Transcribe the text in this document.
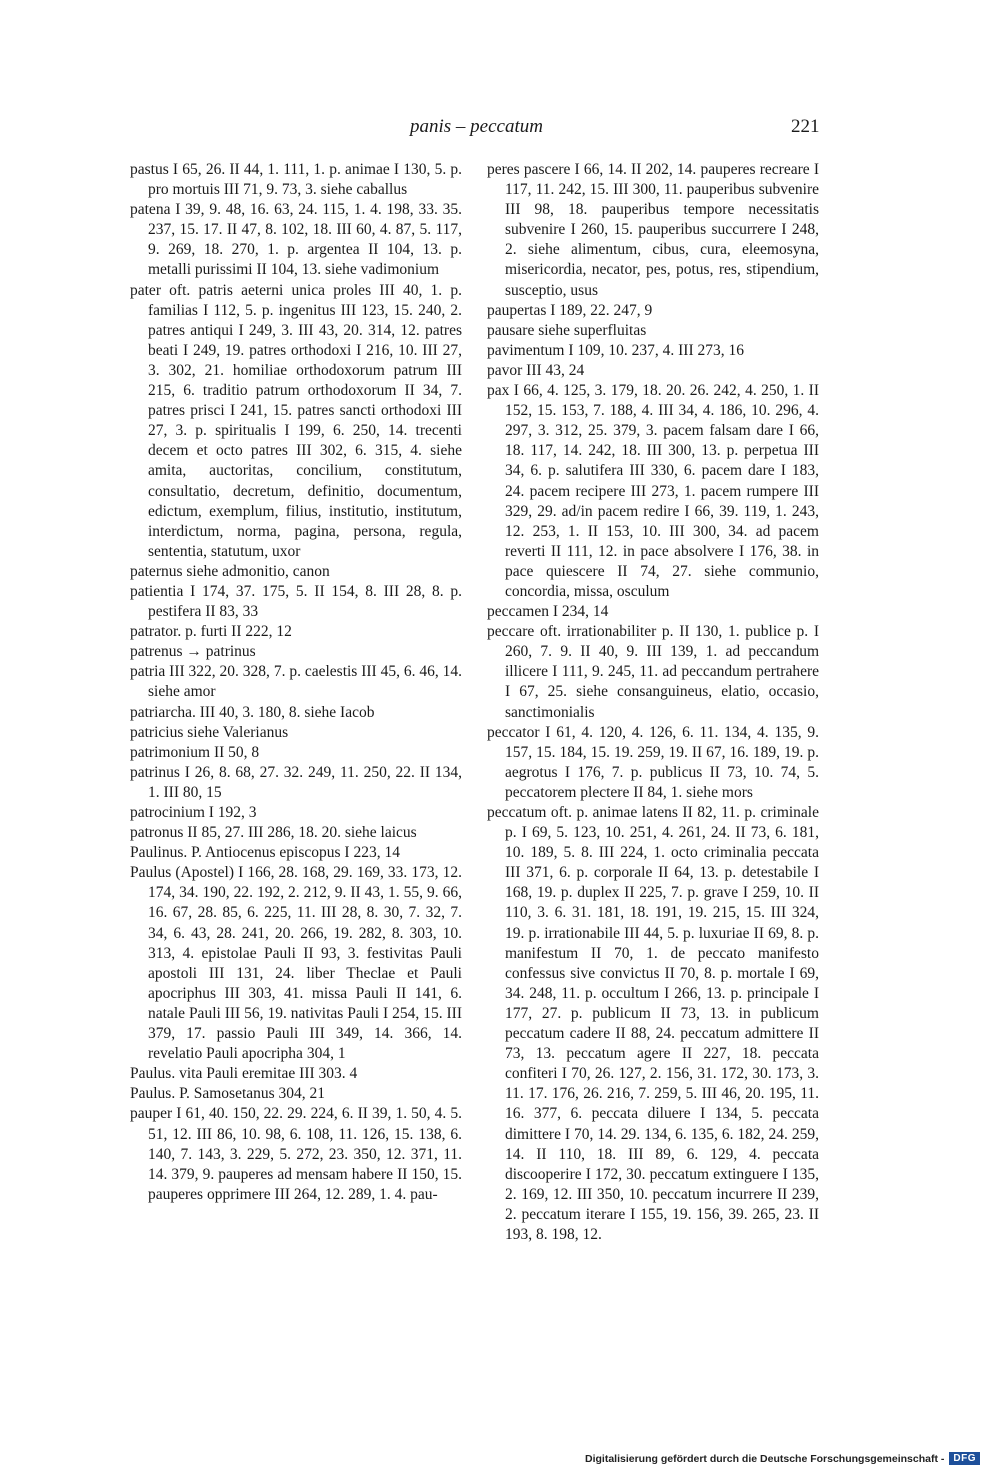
panis – peccatum	221

pastus I 65, 26. II 44, 1. 111, 1. p. animae I 130, 5. p. pro mortuis III 71, 9. 73, 3. siehe caballus

patena I 39, 9. 48, 16. 63, 24. 115, 1. 4. 198, 33. 35. 237, 15. 17. II 47, 8. 102, 18. III 60, 4. 87, 5. 117, 9. 269, 18. 270, 1. p. argentea II 104, 13. p. metalli purissimi II 104, 13. siehe vadimonium

pater oft. patris aeterni unica proles III 40, 1. p. familias I 112, 5. p. ingenitus III 123, 15. 240, 2. patres antiqui I 249, 3. III 43, 20. 314, 12. patres beati I 249, 19. patres orthodoxi I 216, 10. III 27, 3. 302, 21. homiliae orthodoxorum patrum III 215, 6. traditio patrum orthodoxorum II 34, 7. patres prisci I 241, 15. patres sancti orthodoxi III 27, 3. p. spiritualis I 199, 6. 250, 14. trecenti decem et octo patres III 302, 6. 315, 4. siehe amita, auctoritas, concilium, constitutum, consultatio, decretum, definitio, documentum, edictum, exemplum, filius, institutio, institutum, interdictum, norma, pagina, persona, regula, sententia, statutum, uxor

paternus siehe admonitio, canon

patientia I 174, 37. 175, 5. II 154, 8. III 28, 8. p. pestifera II 83, 33

patrator. p. furti II 222, 12

patrenus → patrinus

patria III 322, 20. 328, 7. p. caelestis III 45, 6. 46, 14. siehe amor

patriarcha. III 40, 3. 180, 8. siehe Iacob

patricius siehe Valerianus

patrimonium II 50, 8

patrinus I 26, 8. 68, 27. 32. 249, 11. 250, 22. II 134, 1. III 80, 15

patrocinium I 192, 3

patronus II 85, 27. III 286, 18. 20. siehe laicus

Paulinus. P. Antiocenus episcopus I 223, 14

Paulus (Apostel) I 166, 28. 168, 29. 169, 33. 173, 12. 174, 34. 190, 22. 192, 2. 212, 9. II 43, 1. 55, 9. 66, 16. 67, 28. 85, 6. 225, 11. III 28, 8. 30, 7. 32, 7. 34, 6. 43, 28. 241, 20. 266, 19. 282, 8. 303, 10. 313, 4. epistolae Pauli II 93, 3. festivitas Pauli apostoli III 131, 24. liber Theclae et Pauli apocriphus III 303, 41. missa Pauli II 141, 6. natale Pauli III 56, 19. nativitas Pauli I 254, 15. III 379, 17. passio Pauli III 349, 14. 366, 14. revelatio Pauli apocripha 304, 1

Paulus. vita Pauli eremitae III 303. 4

Paulus. P. Samosetanus 304, 21

pauper I 61, 40. 150, 22. 29. 224, 6. II 39, 1. 50, 4. 5. 51, 12. III 86, 10. 98, 6. 108, 11. 126, 15. 138, 6. 140, 7. 143, 3. 229, 5. 272, 23. 350, 12. 371, 11. 14. 379, 9. pauperes ad mensam habere II 150, 15. pauperes opprimere III 264, 12. 289, 1. 4. pau-

peres pascere I 66, 14. II 202, 14. pauperes recreare I 117, 11. 242, 15. III 300, 11. pauperibus subvenire III 98, 18. pauperibus tempore necessitatis subvenire I 260, 15. pauperibus succurrere I 248, 2. siehe alimentum, cibus, cura, eleemosyna, misericordia, necator, pes, potus, res, stipendium, susceptio, usus

paupertas I 189, 22. 247, 9

pausare siehe superfluitas

pavimentum I 109, 10. 237, 4. III 273, 16

pavor III 43, 24

pax I 66, 4. 125, 3. 179, 18. 20. 26. 242, 4. 250, 1. II 152, 15. 153, 7. 188, 4. III 34, 4. 186, 10. 296, 4. 297, 3. 312, 25. 379, 3. pacem falsam dare I 66, 18. 117, 14. 242, 18. III 300, 13. p. perpetua III 34, 6. p. salutifera III 330, 6. pacem dare I 183, 24. pacem recipere III 273, 1. pacem rumpere III 329, 29. ad/in pacem redire I 66, 39. 119, 1. 243, 12. 253, 1. II 153, 10. III 300, 34. ad pacem reverti II 111, 12. in pace absolvere I 176, 38. in pace quiescere II 74, 27. siehe communio, concordia, missa, osculum

peccamen I 234, 14

peccare oft. irrationabiliter p. II 130, 1. publice p. I 260, 7. 9. II 40, 9. III 139, 1. ad peccandum illicere I 111, 9. 245, 11. ad peccandum pertrahere I 67, 25. siehe consanguineus, elatio, occasio, sanctimonialis

peccator I 61, 4. 120, 4. 126, 6. 11. 134, 4. 135, 9. 157, 15. 184, 15. 19. 259, 19. II 67, 16. 189, 19. p. aegrotus I 176, 7. p. publicus II 73, 10. 74, 5. peccatorem plectere II 84, 1. siehe mors

peccatum oft. p. animae latens II 82, 11. p. criminale p. I 69, 5. 123, 10. 251, 4. 261, 24. II 73, 6. 181, 10. 189, 5. 8. III 224, 1. octo criminalia peccata III 371, 6. p. corporale II 64, 13. p. detestabile I 168, 19. p. duplex II 225, 7. p. grave I 259, 10. II 110, 3. 6. 31. 181, 18. 191, 19. 215, 15. III 324, 19. p. irrationabile III 44, 5. p. luxuriae II 69, 8. p. manifestum II 70, 1. de peccato manifesto confessus sive convictus II 70, 8. p. mortale I 69, 34. 248, 11. p. occultum I 266, 13. p. principale I 177, 27. p. publicum II 73, 13. in publicum peccatum cadere II 88, 24. peccatum admittere II 73, 13. peccatum agere II 227, 18. peccata confiteri I 70, 26. 127, 2. 156, 31. 172, 30. 173, 3. 11. 17. 176, 26. 216, 7. 259, 5. III 46, 20. 195, 11. 16. 377, 6. peccata diluere I 134, 5. peccata dimittere I 70, 14. 29. 134, 6. 135, 6. 182, 24. 259, 14. II 110, 18. III 89, 6. 129, 4. peccata discooperire I 172, 30. peccatum extinguere I 135, 2. 169, 12. III 350, 10. peccatum incurrere II 239, 2. peccatum iterare I 155, 19. 156, 39. 265, 23. II 193, 8. 198, 12.

Digitalisierung gefördert durch die Deutsche Forschungsgemeinschaft - DFG
